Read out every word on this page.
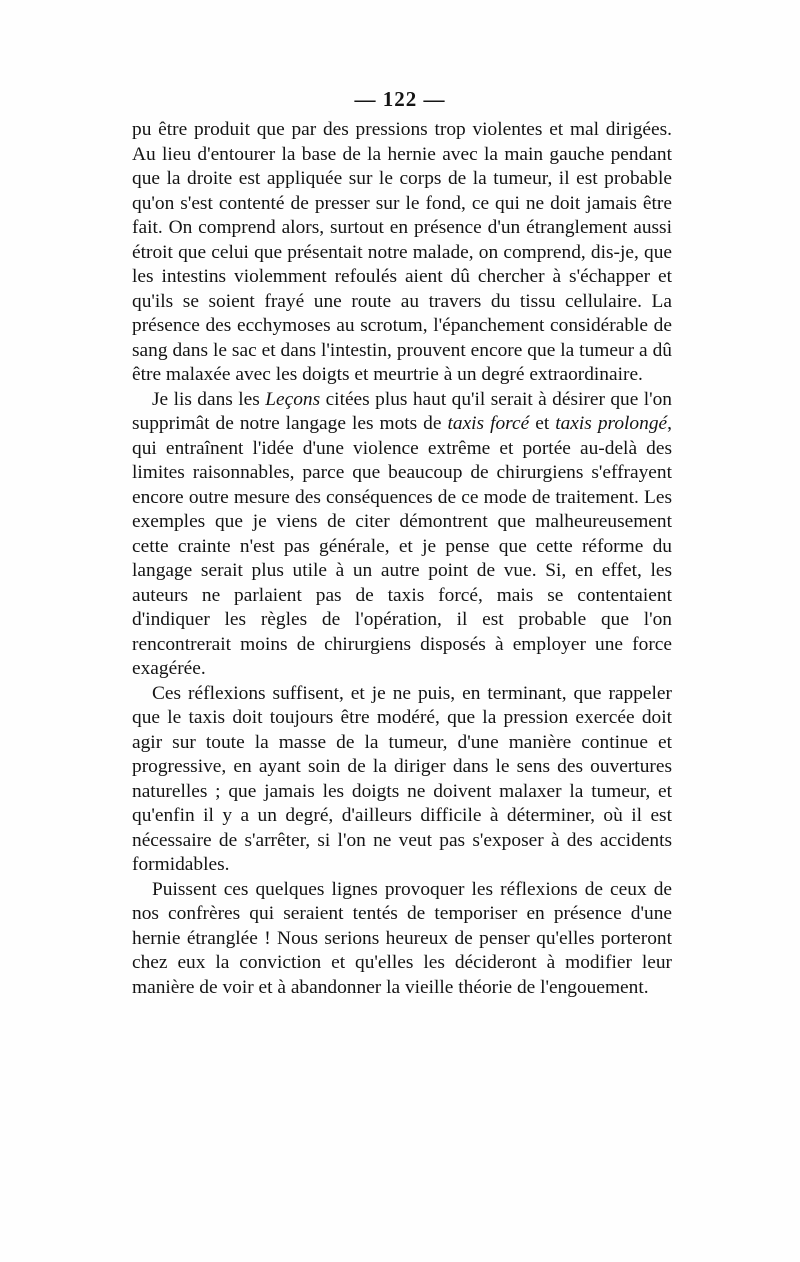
— 122 —

pu être produit que par des pressions trop violentes et mal dirigées. Au lieu d'entourer la base de la hernie avec la main gauche pendant que la droite est appliquée sur le corps de la tumeur, il est probable qu'on s'est contenté de presser sur le fond, ce qui ne doit jamais être fait. On comprend alors, surtout en présence d'un étranglement aussi étroit que celui que présentait notre malade, on comprend, dis-je, que les intestins violemment refoulés aient dû chercher à s'échapper et qu'ils se soient frayé une route au travers du tissu cellulaire. La présence des ecchymoses au scrotum, l'épanchement considérable de sang dans le sac et dans l'intestin, prouvent encore que la tumeur a dû être malaxée avec les doigts et meurtrie à un degré extraordinaire.

Je lis dans les Leçons citées plus haut qu'il serait à désirer que l'on supprimât de notre langage les mots de taxis forcé et taxis prolongé, qui entraînent l'idée d'une violence extrême et portée au-delà des limites raisonnables, parce que beaucoup de chirurgiens s'effrayent encore outre mesure des conséquences de ce mode de traitement. Les exemples que je viens de citer démontrent que malheureusement cette crainte n'est pas générale, et je pense que cette réforme du langage serait plus utile à un autre point de vue. Si, en effet, les auteurs ne parlaient pas de taxis forcé, mais se contentaient d'indiquer les règles de l'opération, il est probable que l'on rencontrerait moins de chirurgiens disposés à employer une force exagérée.

Ces réflexions suffisent, et je ne puis, en terminant, que rappeler que le taxis doit toujours être modéré, que la pression exercée doit agir sur toute la masse de la tumeur, d'une manière continue et progressive, en ayant soin de la diriger dans le sens des ouvertures naturelles ; que jamais les doigts ne doivent malaxer la tumeur, et qu'enfin il y a un degré, d'ailleurs difficile à déterminer, où il est nécessaire de s'arrêter, si l'on ne veut pas s'exposer à des accidents formidables.

Puissent ces quelques lignes provoquer les réflexions de ceux de nos confrères qui seraient tentés de temporiser en présence d'une hernie étranglée ! Nous serions heureux de penser qu'elles porteront chez eux la conviction et qu'elles les décideront à modifier leur manière de voir et à abandonner la vieille théorie de l'engouement.
